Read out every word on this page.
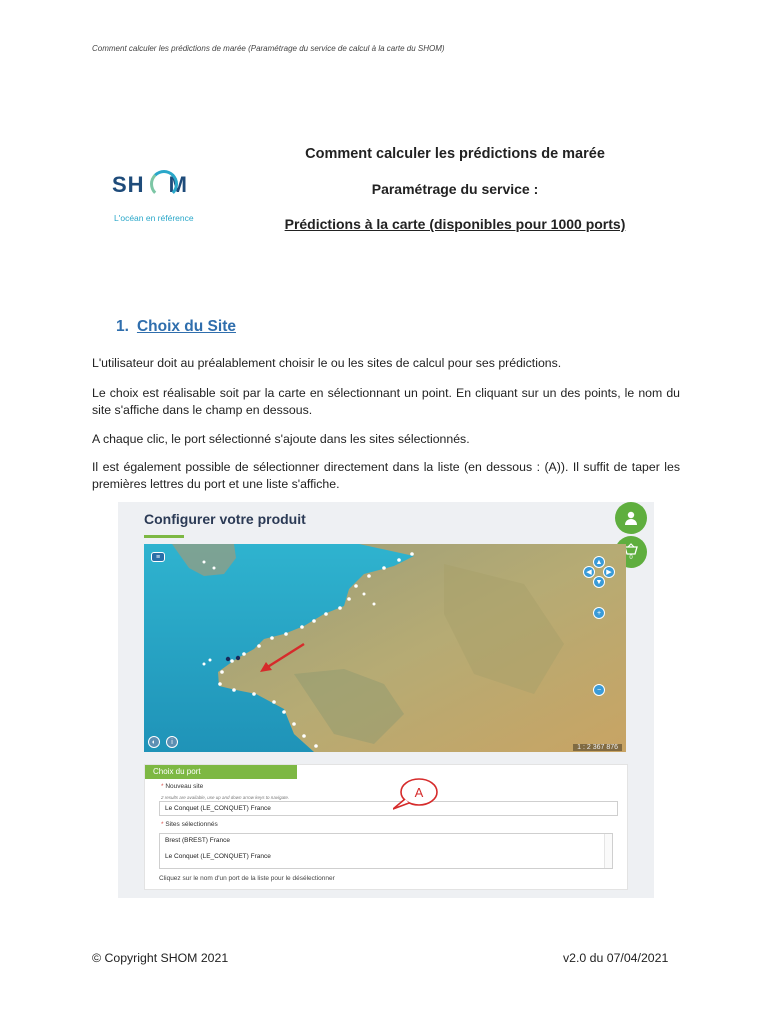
Comment calculer les prédictions de marée (Paramétrage du service de calcul à la carte du SHOM)
SH M
L'océan en référence
Comment calculer les prédictions de marée
Paramétrage du service :
Prédictions à la carte (disponibles pour 1000 ports)
1. Choix du Site
L'utilisateur doit au préalablement choisir le ou les sites de calcul pour ses prédictions.
Le choix est réalisable soit par la carte en sélectionnant un point. En cliquant sur un des points, le nom du site s'affiche dans le champ en dessous.
A chaque clic, le port sélectionné s'ajoute dans les sites sélectionnés.
Il est également possible de sélectionner directement dans la liste (en dessous : (A)). Il suffit de taper les premières lettres du port et une liste s'affiche.
Configurer votre produit
0
≡
▲
◀	▶
▼
+
−
◐	i
1 : 2 367 876
Choix du port
* Nouveau site
2 results are available, use up and down arrow keys to navigate.
Le Conquet (LE_CONQUET) France
* Sites sélectionnés
Brest (BREST) France
Le Conquet (LE_CONQUET) France
Cliquez sur le nom d'un port de la liste pour le désélectionner
A
© Copyright SHOM 2021	v2.0 du 07/04/2021
